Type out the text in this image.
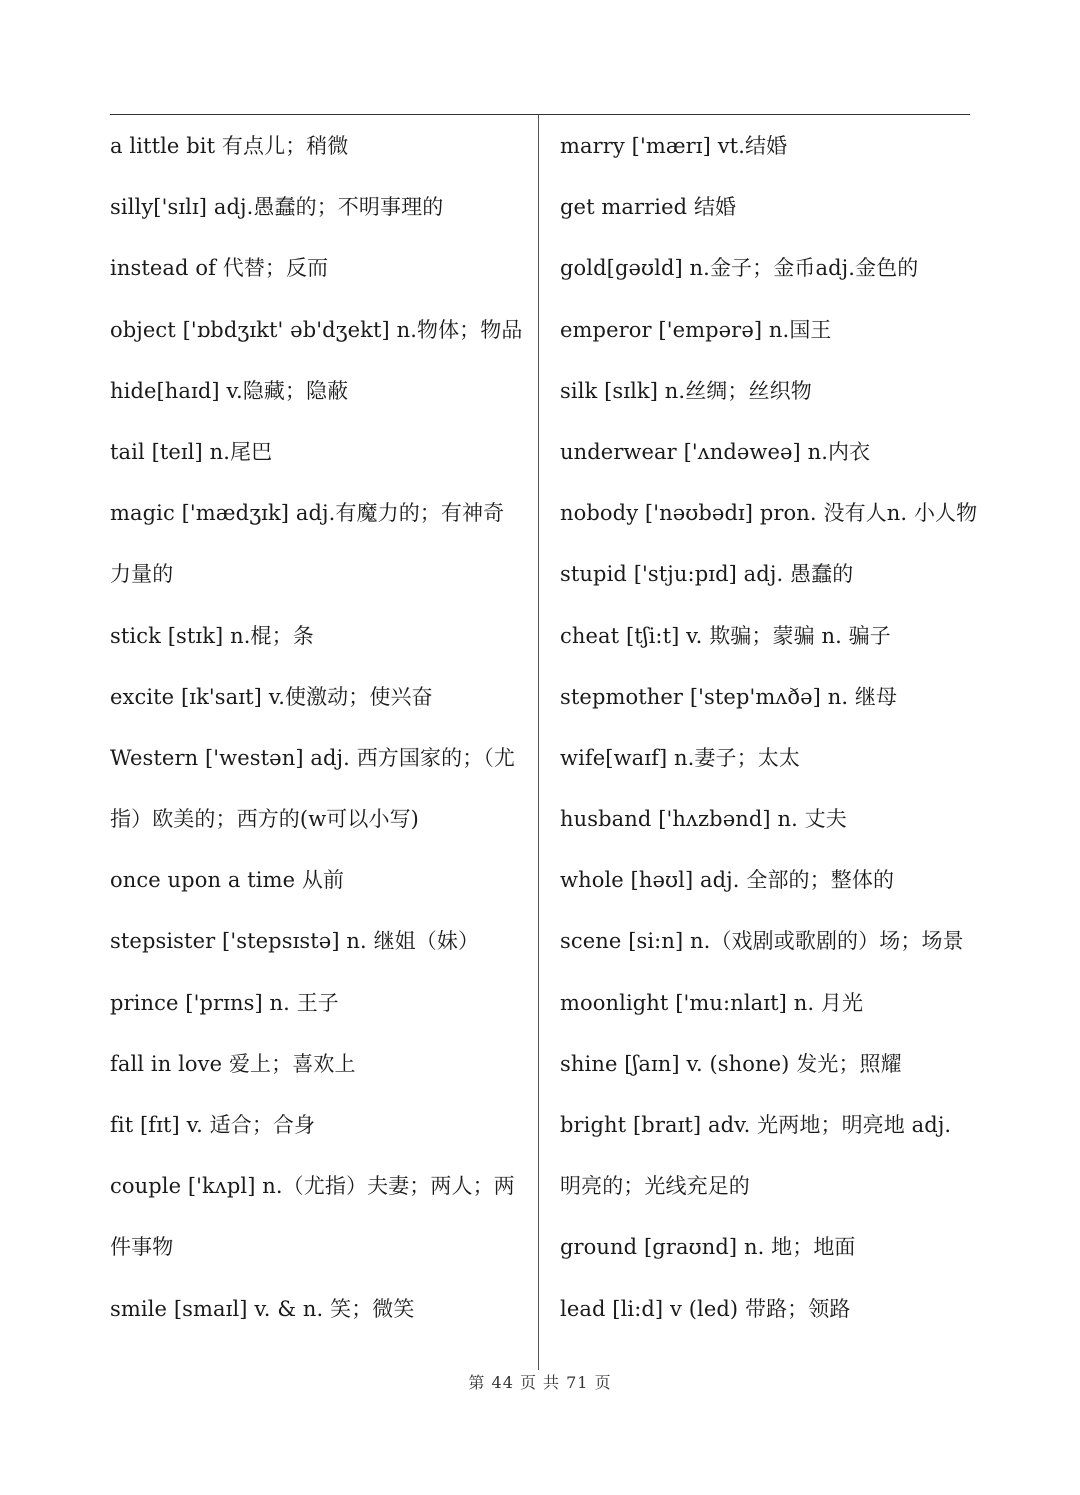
a little bit 有点儿；稍微
silly['sɪlɪ] adj.愚蠢的；不明事理的
instead of 代替；反而
object ['ɒbdʒɪkt' əb'dʒekt] n.物体；物品
hide[haɪd] v.隐藏；隐蔽
tail [teɪl] n.尾巴
magic ['mædʒɪk] adj.有魔力的；有神奇
力量的
stick [stɪk] n.棍；条
excite [ɪk'saɪt] v.使激动；使兴奋
Western ['westən] adj. 西方国家的；（尤
指）欧美的；西方的(w可以小写)
once upon a time 从前
stepsister ['stepsɪstə] n. 继姐（妹）
prince ['prɪns] n. 王子
fall in love 爱上；喜欢上
fit [fɪt] v. 适合；合身
couple ['kʌpl] n.（尤指）夫妻；两人；两
件事物
smile [smaɪl] v. & n. 笑；微笑
marry ['mærɪ] vt.结婚
get married 结婚
gold[gəʊld] n.金子；金币adj.金色的
emperor ['empərə] n.国王
silk [sɪlk] n.丝绸；丝织物
underwear ['ʌndəweə] n.内衣
nobody ['nəʊbədɪ] pron. 没有人n. 小人物
stupid ['stju:pɪd] adj. 愚蠢的
cheat [tʃi:t] v. 欺骗；蒙骗 n. 骗子
stepmother ['step'mʌðə] n. 继母
wife[waɪf] n.妻子；太太
husband ['hʌzbənd] n. 丈夫
whole [həʊl] adj. 全部的；整体的
scene [si:n] n.（戏剧或歌剧的）场；场景
moonlight ['mu:nlaɪt] n. 月光
shine [ʃaɪn] v. (shone) 发光；照耀
bright [braɪt] adv. 光两地；明亮地 adj.
明亮的；光线充足的
ground [graʊnd] n. 地；地面
lead [li:d] v (led) 带路；领路
第 44 页 共 71 页
